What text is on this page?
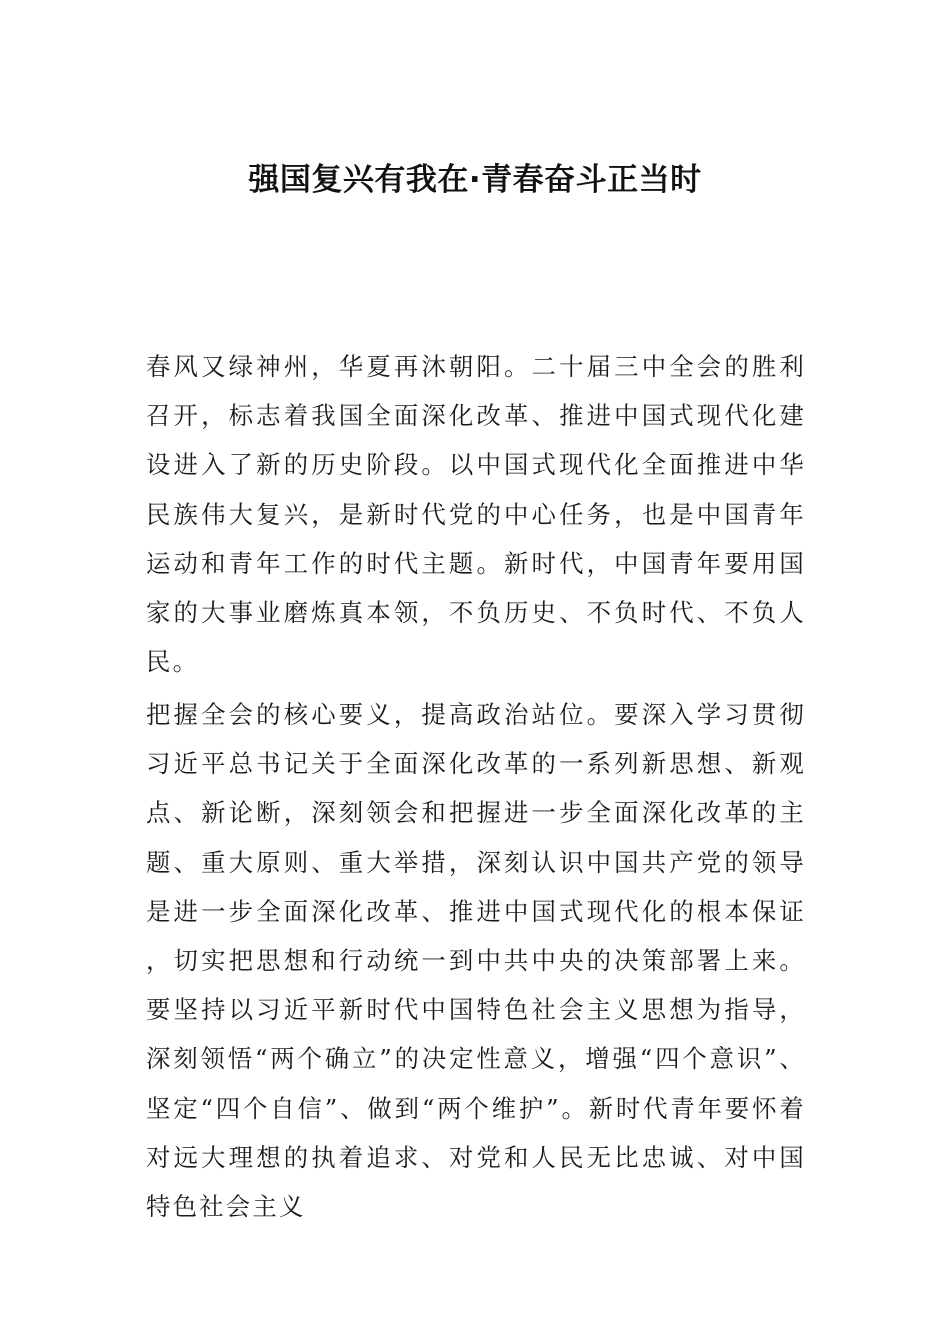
强国复兴有我在·青春奋斗正当时

春风又绿神州，华夏再沐朝阳。二十届三中全会的胜利召开，标志着我国全面深化改革、推进中国式现代化建设进入了新的历史阶段。以中国式现代化全面推进中华民族伟大复兴，是新时代党的中心任务，也是中国青年运动和青年工作的时代主题。新时代，中国青年要用国家的大事业磨炼真本领，不负历史、不负时代、不负人民。

把握全会的核心要义，提高政治站位。要深入学习贯彻习近平总书记关于全面深化改革的一系列新思想、新观点、新论断，深刻领会和把握进一步全面深化改革的主题、重大原则、重大举措，深刻认识中国共产党的领导是进一步全面深化改革、推进中国式现代化的根本保证，切实把思想和行动统一到中共中央的决策部署上来。要坚持以习近平新时代中国特色社会主义思想为指导，深刻领悟“两个确立”的决定性意义，增强“四个意识”、坚定“四个自信”、做到“两个维护”。新时代青年要怀着对远大理想的执着追求、对党和人民无比忠诚、对中国特色社会主义
